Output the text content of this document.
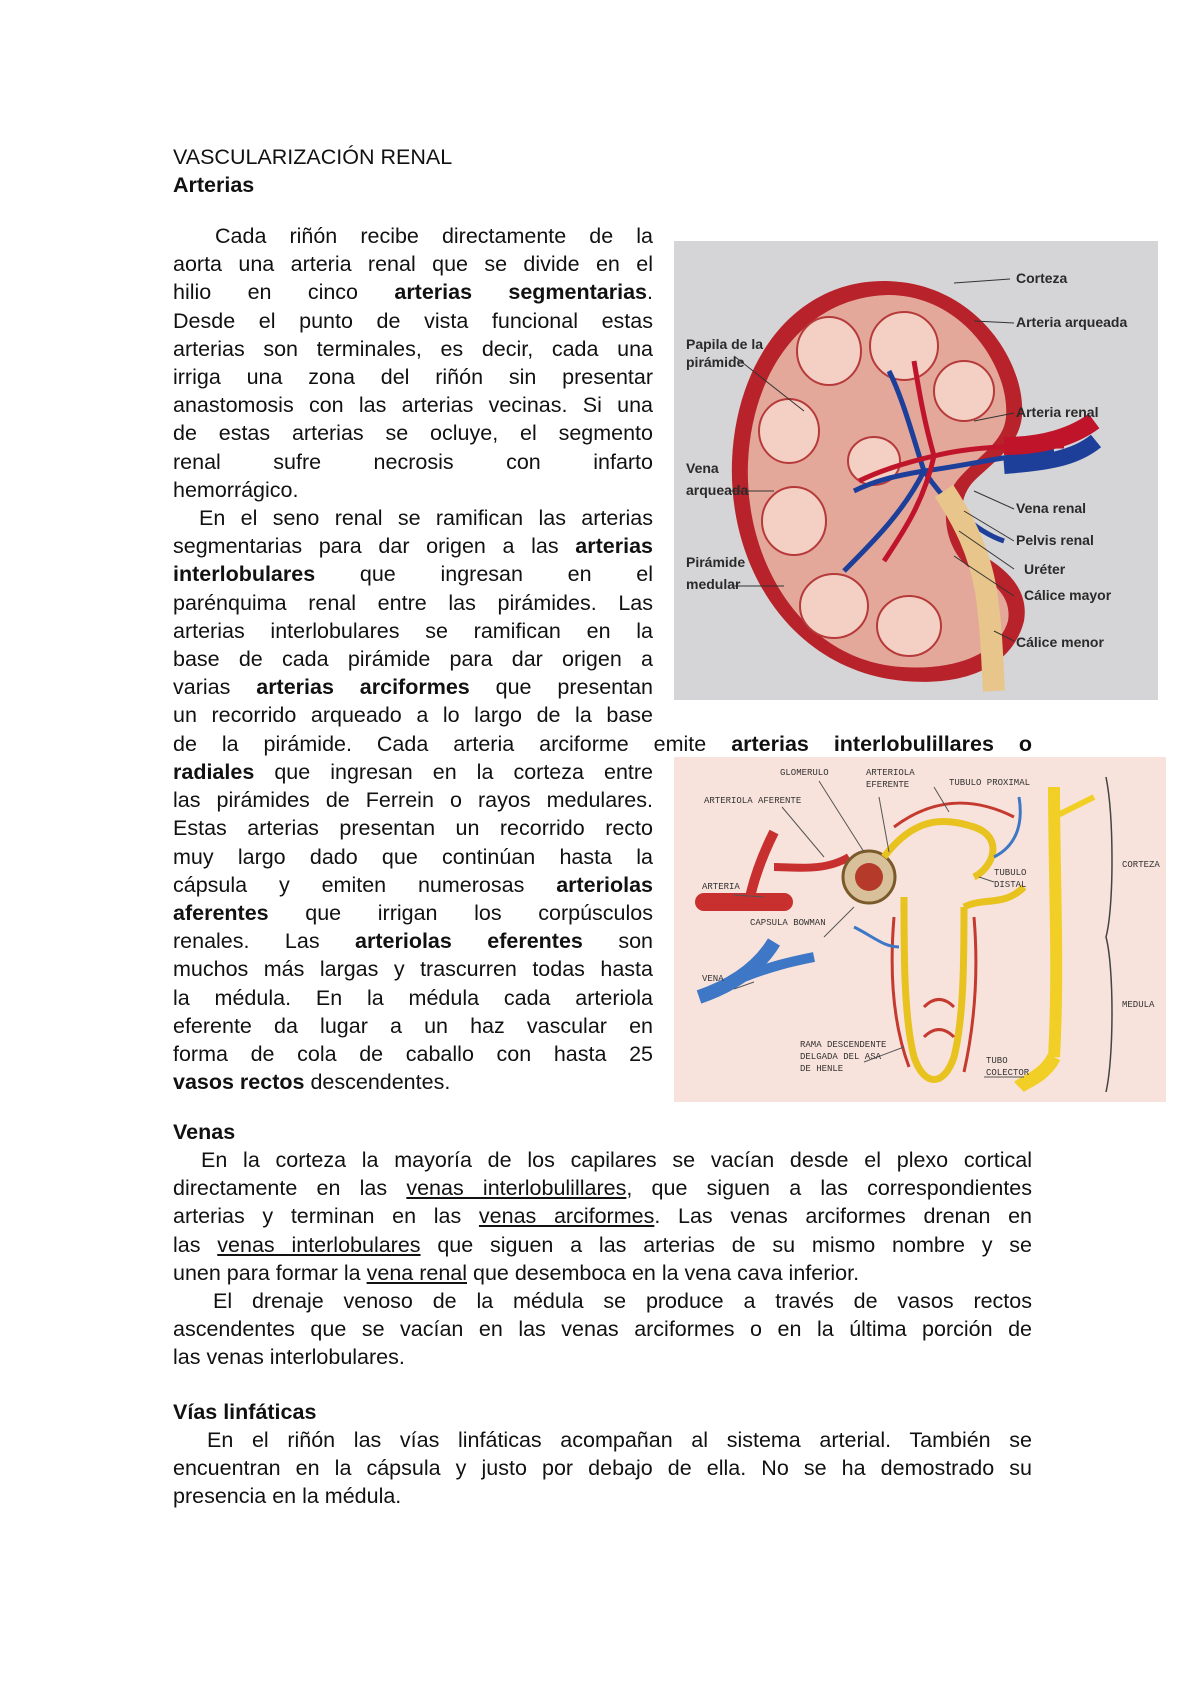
VASCULARIZACIÓN RENAL
Arterias

Cada riñón recibe directamente de la

aorta una arteria renal que se divide en el

hilio en cinco arterias segmentarias.

Desde el punto de vista funcional estas

arterias son terminales, es decir, cada una

irriga una zona del riñón sin presentar

anastomosis con las arterias vecinas. Si una

de estas arterias se ocluye, el segmento

renal sufre necrosis con infarto

hemorrágico.

En el seno renal se ramifican las arterias

segmentarias para dar origen a las arterias

interlobulares que ingresan en el

parénquima renal entre las pirámides. Las

arterias interlobulares se ramifican en la

base de cada pirámide para dar origen a

varias arterias arciformes que presentan

un recorrido arqueado a lo largo de la base

de la pirámide. Cada arteria arciforme emite arterias interlobulillares o

radiales que ingresan en la corteza entre

las pirámides de Ferrein o rayos medulares.

Estas arterias presentan un recorrido recto

muy largo dado que continúan hasta la

cápsula y emiten numerosas arteriolas

aferentes que irrigan los corpúsculos

renales. Las arteriolas eferentes son

muchos más largas y trascurren todas hasta

la médula. En la médula cada arteriola

eferente da lugar a un haz vascular en

forma de cola de caballo con hasta 25

vasos rectos descendentes.

Venas

En la corteza la mayoría de los capilares se vacían desde el plexo cortical

directamente en las venas interlobulillares, que siguen a las correspondientes

arterias y terminan en las venas arciformes. Las venas arciformes drenan en

las venas interlobulares que siguen a las arterias de su mismo nombre y se

unen para formar la vena renal que desemboca en la vena cava inferior.

El drenaje venoso de la médula se produce a través de vasos rectos

ascendentes que se vacían en las venas arciformes o en la última porción de

las venas interlobulares.

Vías linfáticas

En el riñón las vías linfáticas acompañan al sistema arterial. También se

encuentran en la cápsula y justo por debajo de ella. No se ha demostrado su

presencia en la médula.

Corteza
Arteria arqueada
Papila de la
pirámide
Arteria renal
Vena
arqueada
Vena renal
Pelvis renal
Pirámide
medular
Uréter
Cálice mayor
Cálice menor
GLOMERULO	ARTERIOLA
EFERENTE	TUBULO PROXIMAL
ARTERIOLA AFERENTE
ARTERIA
TUBULO
DISTAL
CAPSULA BOWMAN
CORTEZA
VENA
MEDULA
RAMA DESCENDENTE
DELGADA DEL ASA
DE HENLE
TUBO
COLECTOR
